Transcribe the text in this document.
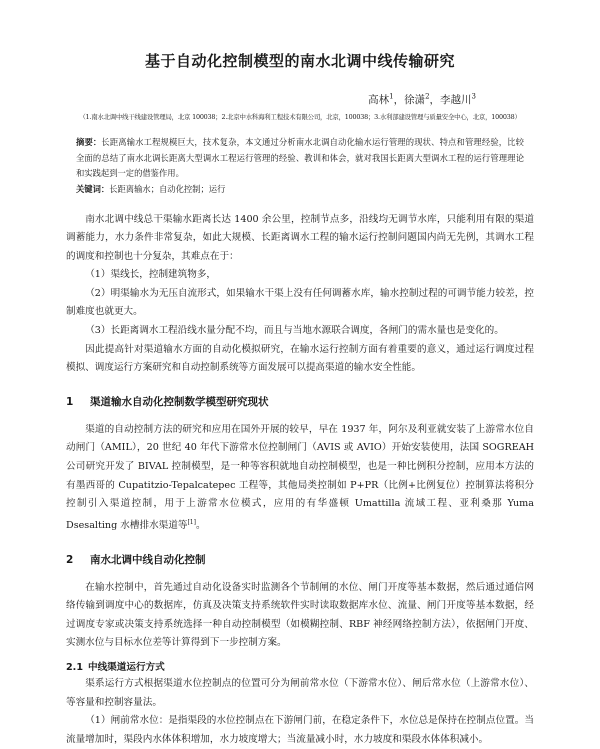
基于自动化控制模型的南水北调中线传输研究
高林$^1$，徐潇$^2$，李越川$^3$
（1.南水北调中线干线建设管理局，北京 100038；2.北京中水科海利工程技术有限公司，北京，100038；3.水利部建设管理与质量安全中心，北京，100038）
摘要：长距离输水工程规模巨大，技术复杂，本文通过分析南水北调自动化输水运行管理的现状、特点和管理经验，比较全面的总结了南水北调长距离大型调水工程运行管理的经验、教训和体会，就对我国长距离大型调水工程的运行管理理论和实践起到一定的借鉴作用。
关键词：长距离输水；自动化控制；运行

南水北调中线总干渠输水距离长达 1400 余公里，控制节点多，沿线均无调节水库，只能利用有限的渠道调蓄能力，水力条件非常复杂，如此大规模、长距离调水工程的输水运行控制问题国内尚无先例，其调水工程的调度和控制也十分复杂，其难点在于：

（1）渠线长，控制建筑物多，

（2）明渠输水为无压自流形式，如果输水干渠上没有任何调蓄水库，输水控制过程的可调节能力较差，控制难度也就更大。

（3）长距离调水工程沿线水量分配不均，而且与当地水源联合调度，各闸门的需水量也是变化的。

因此提高针对渠道输水方面的自动化模拟研究，在输水运行控制方面有着重要的意义，通过运行调度过程模拟、调度运行方案研究和自动控制系统等方面发展可以提高渠道的输水安全性能。

1 渠道输水自动化控制数学模型研究现状

渠道的自动控制方法的研究和应用在国外开展的较早，早在 1937 年，阿尔及利亚就安装了上游常水位自动闸门（AMIL），20 世纪 40 年代下游常水位控制闸门（AVIS 或 AVIO）开始安装使用，法国 SOGREAH 公司研究开发了 BIVAL 控制模型，是一种等容积就地自动控制模型，也是一种比例积分控制，应用本方法的有墨西哥的 Cupatitzio-Tepalcatepec 工程等，其他局类控制如 P+PR（比例+比例复位）控制算法将积分控制引入渠道控制，用于上游常水位模式，应用的有华盛顿 Umattilla 流域工程、亚利桑那 Yuma Dsesalting 水槽排水渠道等[1]。

2 南水北调中线自动化控制

在输水控制中，首先通过自动化设备实时监测各个节制闸的水位、闸门开度等基本数据，然后通过通信网络传输到调度中心的数据库，仿真及决策支持系统软件实时读取数据库水位、流量、闸门开度等基本数据，经过调度专家或决策支持系统选择一种自动控制模型（如模糊控制、RBF 神经网络控制方法），依据闸门开度、实测水位与目标水位差等计算得到下一步控制方案。

2.1 中线渠道运行方式

渠系运行方式根据渠道水位控制点的位置可分为闸前常水位（下游常水位）、闸后常水位（上游常水位）、等容量和控制容量法。

（1）闸前常水位：是指渠段的水位控制点在下游闸门前，在稳定条件下，水位总是保持在控制点位置。当流量增加时，渠段内水体体积增加，水力坡度增大；当流量减小时，水力坡度和渠段水体体积减小。
